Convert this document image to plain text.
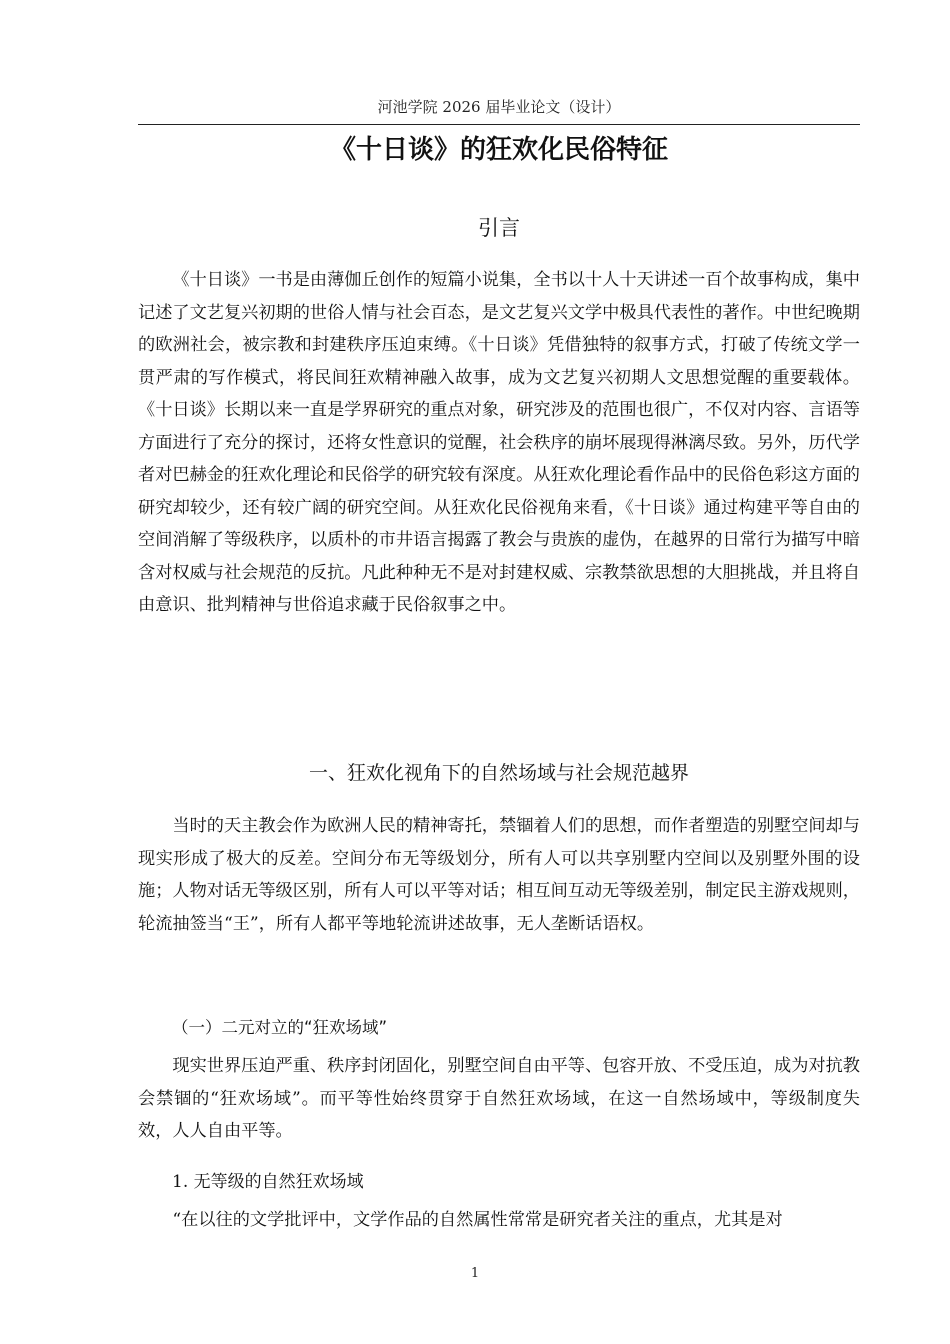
河池学院 2026 届毕业论文（设计）
《十日谈》的狂欢化民俗特征
引言

《十日谈》一书是由薄伽丘创作的短篇小说集，全书以十人十天讲述一百个故事构成，集中记述了文艺复兴初期的世俗人情与社会百态，是文艺复兴文学中极具代表性的著作。中世纪晚期的欧洲社会，被宗教和封建秩序压迫束缚。《十日谈》凭借独特的叙事方式，打破了传统文学一贯严肃的写作模式，将民间狂欢精神融入故事，成为文艺复兴初期人文思想觉醒的重要载体。《十日谈》长期以来一直是学界研究的重点对象，研究涉及的范围也很广，不仅对内容、言语等方面进行了充分的探讨，还将女性意识的觉醒，社会秩序的崩坏展现得淋漓尽致。另外，历代学者对巴赫金的狂欢化理论和民俗学的研究较有深度。从狂欢化理论看作品中的民俗色彩这方面的研究却较少，还有较广阔的研究空间。从狂欢化民俗视角来看，《十日谈》通过构建平等自由的空间消解了等级秩序，以质朴的市井语言揭露了教会与贵族的虚伪，在越界的日常行为描写中暗含对权威与社会规范的反抗。凡此种种无不是对封建权威、宗教禁欲思想的大胆挑战，并且将自由意识、批判精神与世俗追求藏于民俗叙事之中。

一、狂欢化视角下的自然场域与社会规范越界

当时的天主教会作为欧洲人民的精神寄托，禁锢着人们的思想，而作者塑造的别墅空间却与现实形成了极大的反差。空间分布无等级划分，所有人可以共享别墅内空间以及别墅外围的设施；人物对话无等级区别，所有人可以平等对话；相互间互动无等级差别，制定民主游戏规则，轮流抽签当“王”，所有人都平等地轮流讲述故事，无人垄断话语权。

（一）二元对立的“狂欢场域”

现实世界压迫严重、秩序封闭固化，别墅空间自由平等、包容开放、不受压迫，成为对抗教会禁锢的“狂欢场域”。而平等性始终贯穿于自然狂欢场域，在这一自然场域中，等级制度失效，人人自由平等。

1. 无等级的自然狂欢场域

“在以往的文学批评中，文学作品的自然属性常常是研究者关注的重点，尤其是对

1
